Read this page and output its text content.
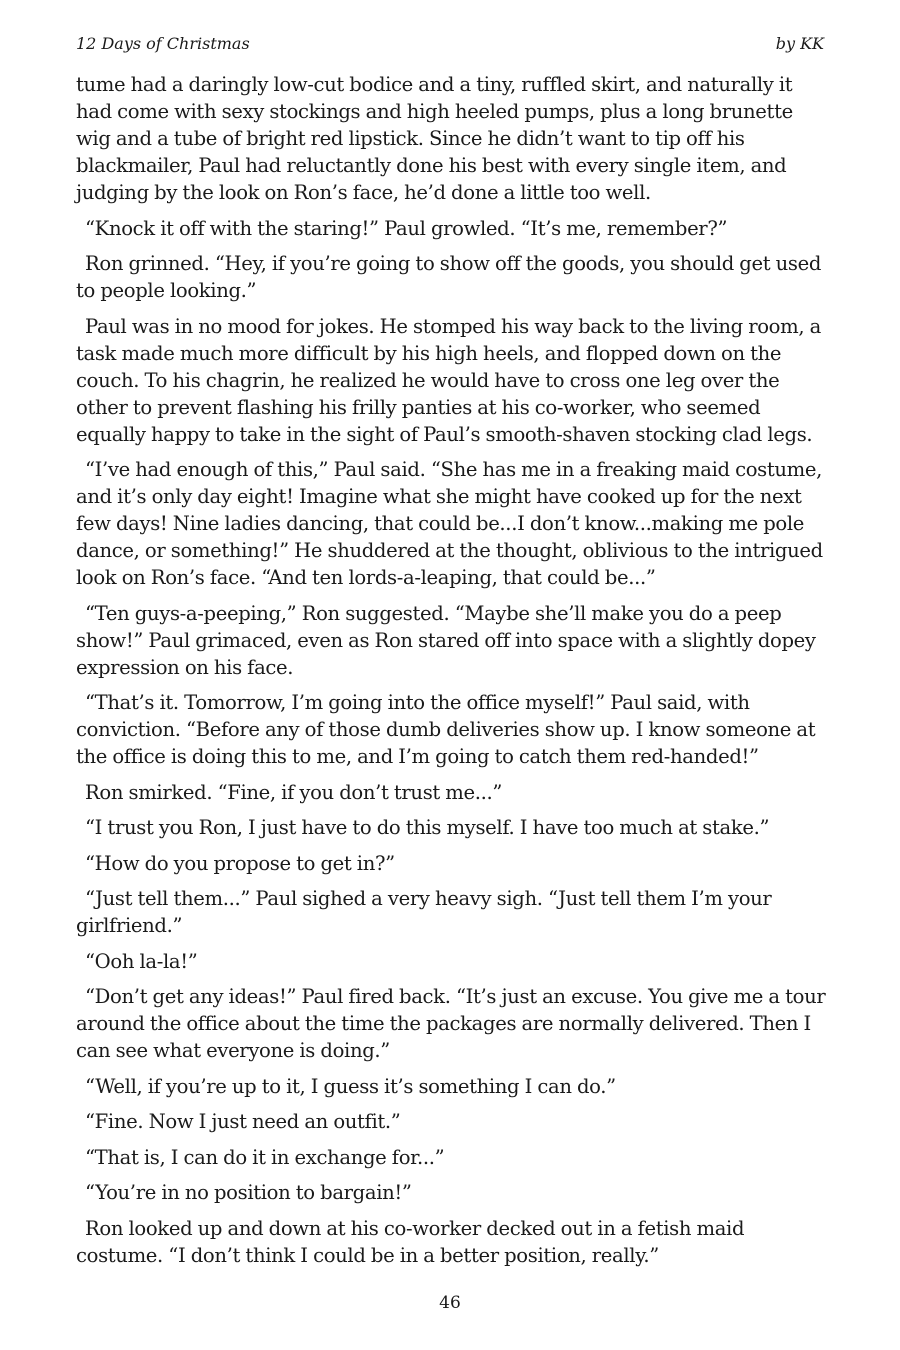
12 Days of Christmas	by KK

tume had a daringly low-cut bodice and a tiny, ruffled skirt, and naturally it had come with sexy stockings and high heeled pumps, plus a long brunette wig and a tube of bright red lipstick. Since he didn’t want to tip off his blackmailer, Paul had reluctantly done his best with every single item, and judging by the look on Ron’s face, he’d done a little too well.

“Knock it off with the staring!” Paul growled. “It’s me, remember?”

Ron grinned. “Hey, if you’re going to show off the goods, you should get used to people looking.”

Paul was in no mood for jokes. He stomped his way back to the living room, a task made much more difficult by his high heels, and flopped down on the couch. To his chagrin, he realized he would have to cross one leg over the other to prevent flashing his frilly panties at his co-worker, who seemed equally happy to take in the sight of Paul’s smooth-shaven stocking clad legs.

“I’ve had enough of this,” Paul said. “She has me in a freaking maid costume, and it’s only day eight! Imagine what she might have cooked up for the next few days! Nine ladies dancing, that could be...I don’t know...making me pole dance, or something!” He shuddered at the thought, oblivious to the intrigued look on Ron’s face. “And ten lords-a-leaping, that could be...”

“Ten guys-a-peeping,” Ron suggested. “Maybe she’ll make you do a peep show!” Paul grimaced, even as Ron stared off into space with a slightly dopey expression on his face.

“That’s it. Tomorrow, I’m going into the office myself!” Paul said, with conviction. “Before any of those dumb deliveries show up. I know someone at the office is doing this to me, and I’m going to catch them red-handed!”

Ron smirked. “Fine, if you don’t trust me...”

“I trust you Ron, I just have to do this myself. I have too much at stake.”

“How do you propose to get in?”

“Just tell them...” Paul sighed a very heavy sigh. “Just tell them I’m your girlfriend.”

“Ooh la-la!”

“Don’t get any ideas!” Paul fired back. “It’s just an excuse. You give me a tour around the office about the time the packages are normally delivered. Then I can see what everyone is doing.”

“Well, if you’re up to it, I guess it’s something I can do.”

“Fine. Now I just need an outfit.”

“That is, I can do it in exchange for...”

“You’re in no position to bargain!”

Ron looked up and down at his co-worker decked out in a fetish maid costume. “I don’t think I could be in a better position, really.”

46
